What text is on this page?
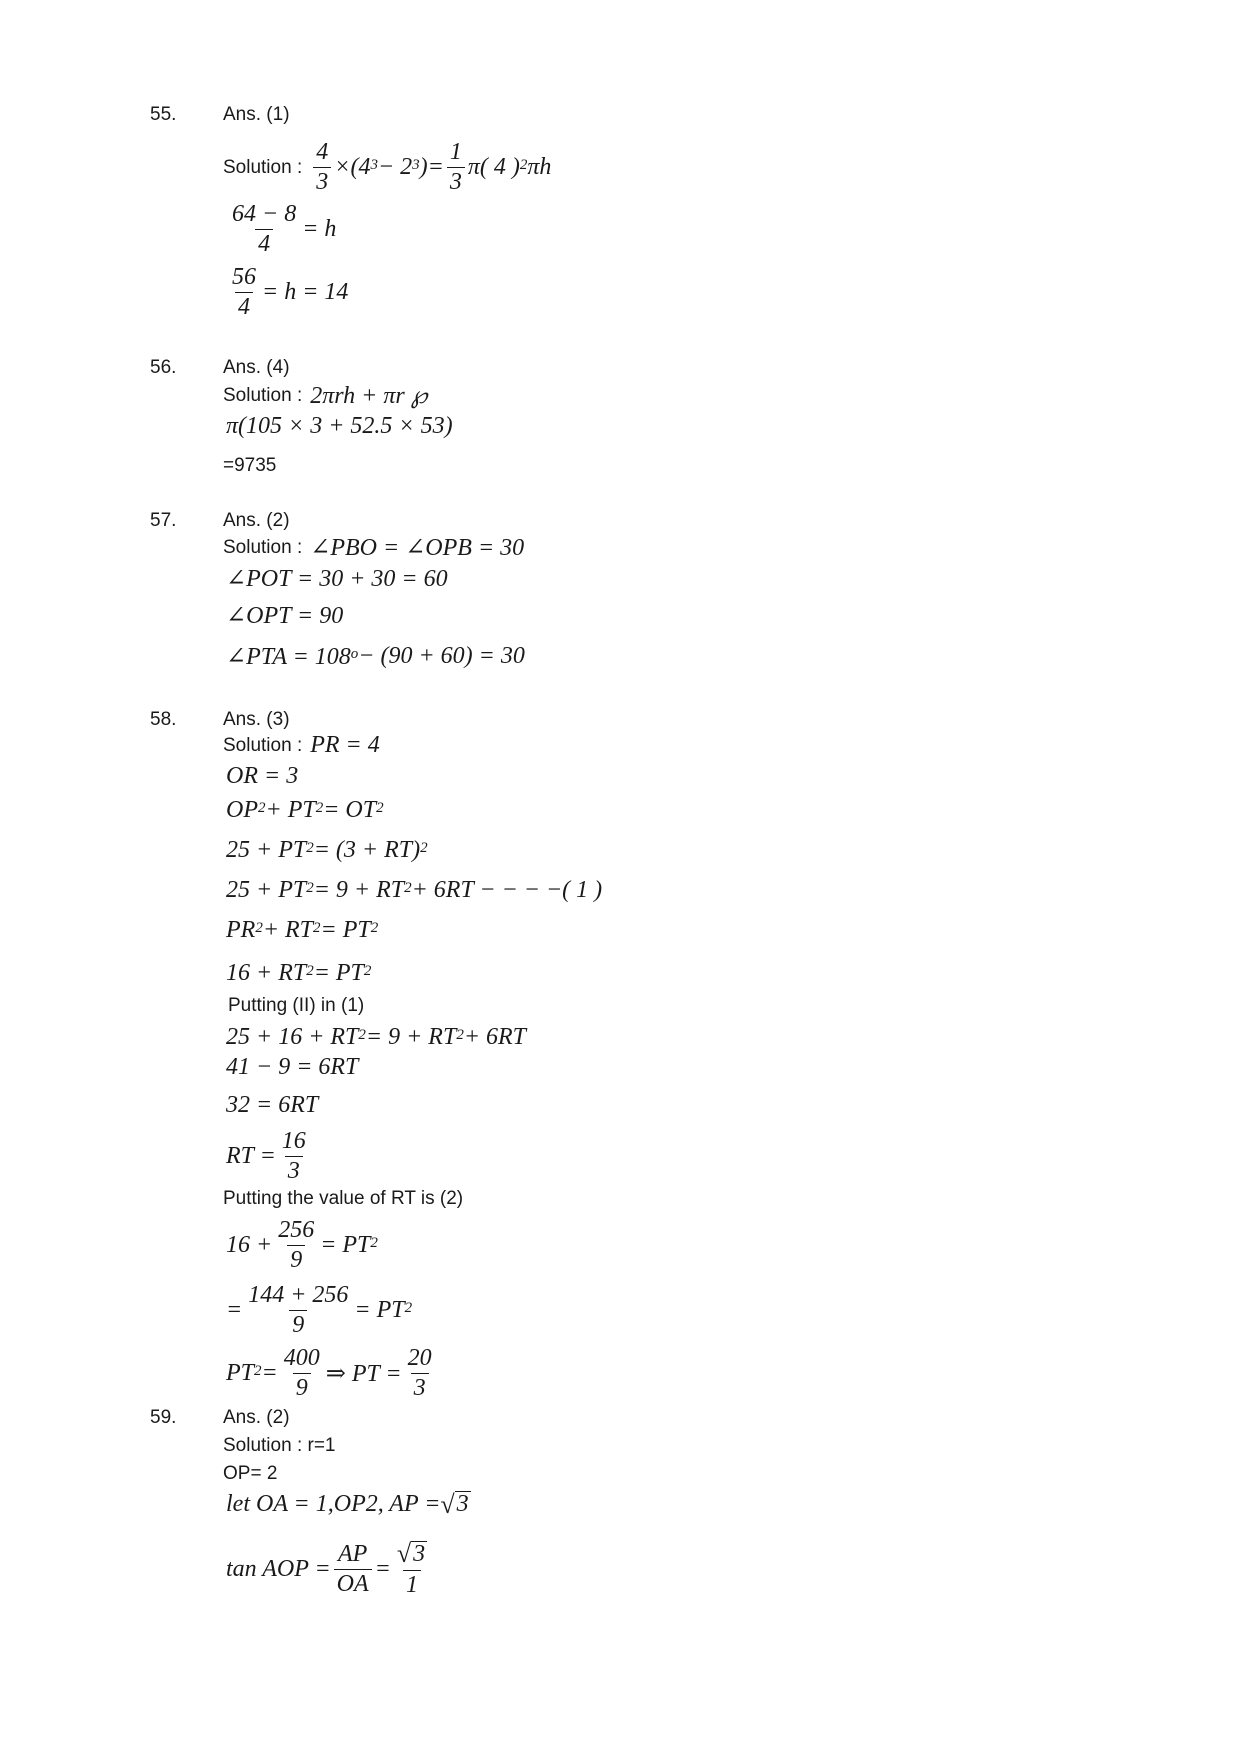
55. Ans. (1)
Solution : $\frac{4}{3}$ × ( $4^3 - 2^3$ ) = $\frac{1}{3} \pi$( 4 )$^2$ πh
$\frac{64 - 8}{4} = h$
$\frac{56}{4} = h = 14$
56. Ans. (4)
Solution : 2πrh + πr ℘
π(105 × 3 + 52.5 × 53)
=9735
57. Ans. (2)
Solution : ∠PBO = ∠OPB = 30
∠POT = 30 + 30 = 60
∠OPT = 90
∠PTA = $108^o - (90 + 60) = 30$
58. Ans. (3)
Solution : PR = 4
OR = 3
$OP^2 + PT^2 = OT^2$
$25 + PT^2 = (3 + RT)^2$
$25 + PT^2 = 9 + RT^2 + 6RT$ − − − −( 1 )
$PR^2 + RT^2 = PT^2$
$16 + RT^2 = PT^2$
Putting (II) in (1)
$25 + 16 + RT^2 = 9 + RT^2 + 6RT$
41 − 9 = 6RT
32 = 6RT
RT = $\frac{16}{3}$
Putting the value of RT is (2)
$16 + \frac{256}{9} = PT^2$
= $\frac{144 + 256}{9} = PT^2$
$PT^2 = \frac{400}{9}$ ⇒ PT = $\frac{20}{3}$
59. Ans. (2)
Solution : r=1
OP= 2
let OA = 1,OP2, AP = √ 3
tan AOP = $\frac{AP}{OA} = \frac{√ 3}{1}$
